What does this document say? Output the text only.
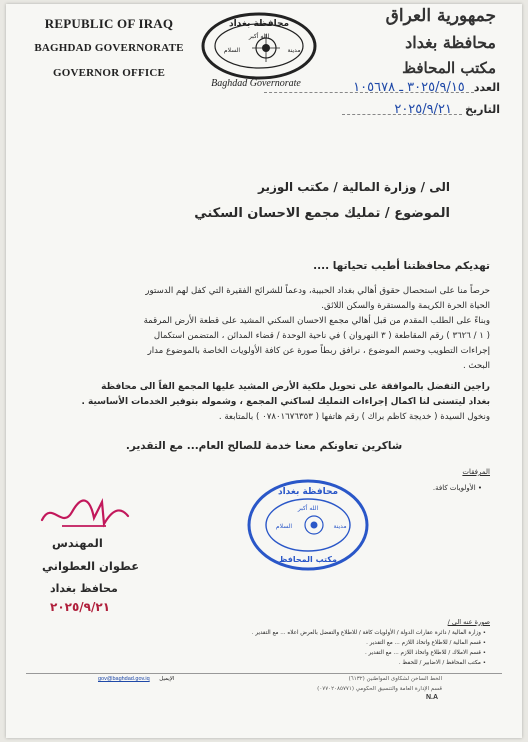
REPUBLIC OF IRAQ
BAGHDAD GOVERNORATE
GOVERNOR OFFICE
جمهورية العراق
محافظة بغداد
مكتب المحافظ
محافظة بغداد
الله أكبر
السلام	مدينة
Baghdad Governorate	العدد ٣٠٢٥/٩/١٥ ـ ١٠٥٦٧٨
التاريخ ٢٠٢٥/٩/٢١
الى / وزارة المالية / مكتب الوزير
الموضوع / تمليك مجمع الاحسان السكني
تهديكم محافظتنا أطيب تحياتها ....
حرصاً منا على استحصال حقوق أهالي بغداد الحبيبة، ودعماً للشرائح الفقيرة التي كفل لهم الدستور
الحياة الحرة الكريمة والمستقرة والسكن اللائق.
وبناءً على الطلب المقدم من قبل أهالي مجمع الاحسان السكني المشيد على قطعة الأرض المرقمة
( ١ / ٣٦٢٦ ) رقم المقاطعة ( ٣ النهروان ) في ناحية الوحدة / قضاء المدائن ، المتضمن استكمال
إجراءات التطويب وحسم الموضوع ، نرافق ربطاً صورة عن كافة الأولويات الخاصة بالموضوع مدار
البحث .
راجين التفضل بالموافقة على تحويل ملكية الأرض المشيد عليها المجمع الفاً الى محافظة
بغداد ليتسنى لنا اكمال إجراءات التمليك لساكني المجمع ، وشموله بتوفير الخدمات الأساسية .
ونخول السيدة ( خديجة كاظم براك ) رقم هاتفها ( ٠٧٨٠١٦٧٦٣٥٣ ) بالمتابعة .
شاكرين تعاونكم معنا خدمة للصالح العام... مع التقدير.
المرفقات
• الأولويات كافة.
المهندس
عطوان العطواني
محافظ بغداد
٢٠٢٥/٩/٢١
محافظة بغداد
الله أكبر
السلام	مدينة
مكتب المحافظ
صورة عنه الى /
• وزارة المالية / دائرة عقارات الدولة / الأولويات كافة / للاطلاع والتفضل بالعرض اعلاه ... مع التقدير .
• قسم المالية / للاطلاع واتخاذ اللازم ... مع التقدير .
• قسم الاملاك / للاطلاع واتخاذ اللازم ... مع التقدير .
• مكتب المحافظ / الاضابير / للحفظ .
gov@baghdad.gov.iq الإيميل	الخط الساخن لشكاوى المواطنين (٦١٣٢)
قسم الإدارة العامة والتنسيق الحكومي (٠٧٧٠٢٠٨٥٧٧١)
N.A
